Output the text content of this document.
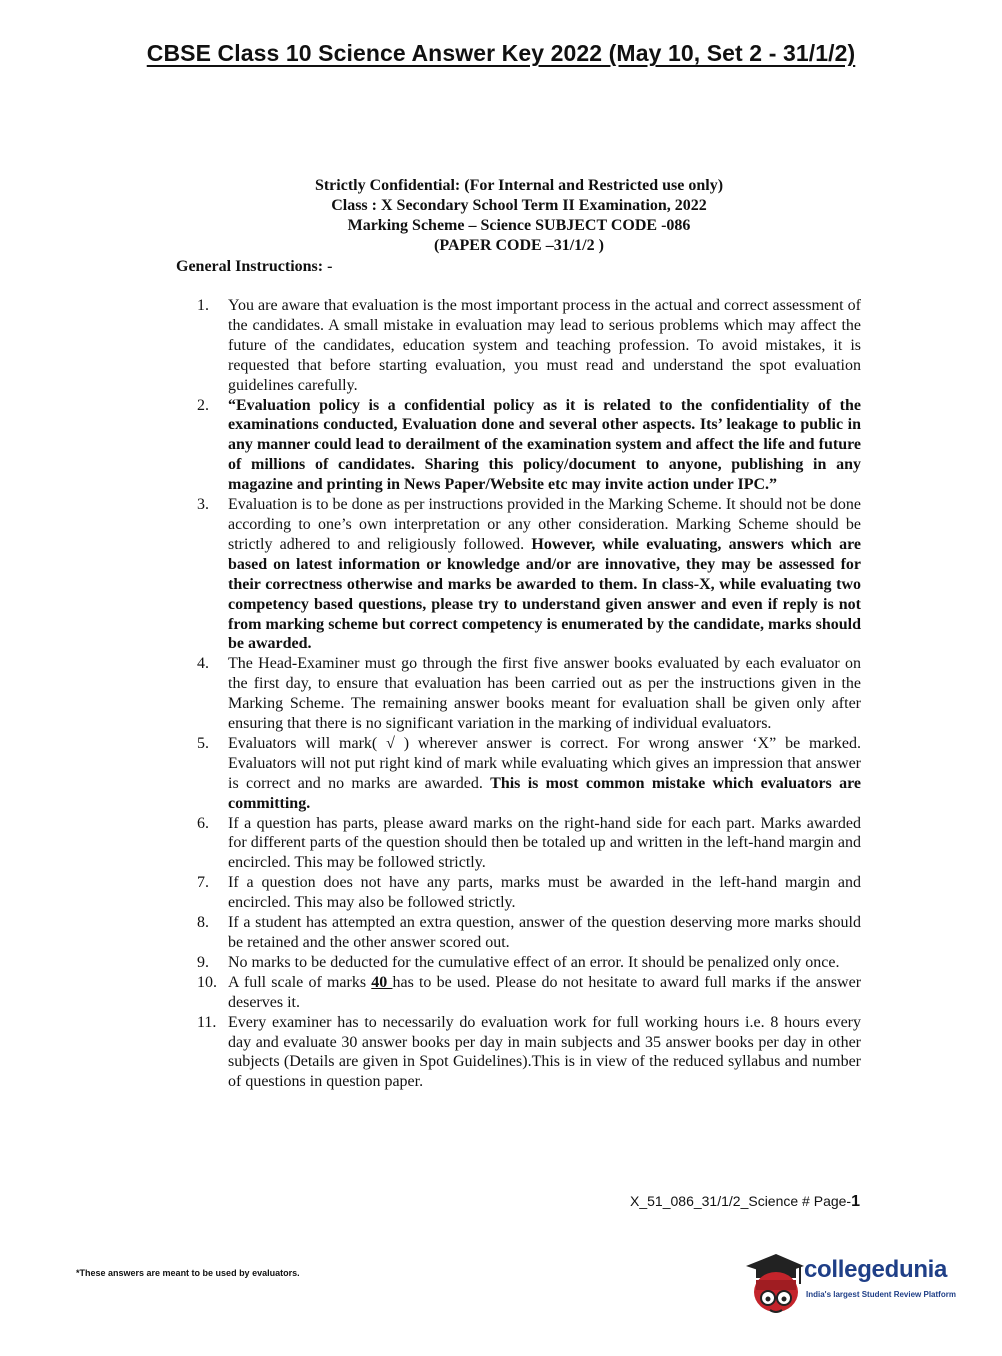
CBSE Class 10 Science Answer Key 2022 (May 10, Set 2 - 31/1/2)
Strictly Confidential: (For Internal and Restricted use only)
Class : X Secondary School Term II Examination, 2022
Marking Scheme – Science SUBJECT CODE -086
(PAPER CODE –31/1/2 )
General Instructions: -
1.	You are aware that evaluation is the most important process in the actual and correct assessment of the candidates. A small mistake in evaluation may lead to serious problems which may affect the future of the candidates, education system and teaching profession. To avoid mistakes, it is requested that before starting evaluation, you must read and understand the spot evaluation guidelines carefully.
2.	“Evaluation policy is a confidential policy as it is related to the confidentiality of the examinations conducted, Evaluation done and several other aspects. Its’ leakage to public in any manner could lead to derailment of the examination system and affect the life and future of millions of candidates. Sharing this policy/document to anyone, publishing in any magazine and printing in News Paper/Website etc may invite action under IPC.”
3.	Evaluation is to be done as per instructions provided in the Marking Scheme. It should not be done according to one’s own interpretation or any other consideration. Marking Scheme should be strictly adhered to and religiously followed. However, while evaluating, answers which are based on latest information or knowledge and/or are innovative, they may be assessed for their correctness otherwise and marks be awarded to them. In class-X, while evaluating two competency based questions, please try to understand given answer and even if reply is not from marking scheme but correct competency is enumerated by the candidate, marks should be awarded.
4.	The Head-Examiner must go through the first five answer books evaluated by each evaluator on the first day, to ensure that evaluation has been carried out as per the instructions given in the Marking Scheme. The remaining answer books meant for evaluation shall be given only after ensuring that there is no significant variation in the marking of individual evaluators.
5.	Evaluators will mark( √ ) wherever answer is correct. For wrong answer ‘X” be marked. Evaluators will not put right kind of mark while evaluating which gives an impression that answer is correct and no marks are awarded. This is most common mistake which evaluators are committing.
6.	If a question has parts, please award marks on the right-hand side for each part. Marks awarded for different parts of the question should then be totaled up and written in the left-hand margin and encircled. This may be followed strictly.
7.	If a question does not have any parts, marks must be awarded in the left-hand margin and encircled. This may also be followed strictly.
8.	If a student has attempted an extra question, answer of the question deserving more marks should be retained and the other answer scored out.
9.	No marks to be deducted for the cumulative effect of an error. It should be penalized only once.
10. A full scale of marks 40 has to be used. Please do not hesitate to award full marks if the answer deserves it.
11. Every examiner has to necessarily do evaluation work for full working hours i.e. 8 hours every day and evaluate 30 answer books per day in main subjects and 35 answer books per day in other subjects (Details are given in Spot Guidelines).This is in view of the reduced syllabus and number of questions in question paper.
X_51_086_31/1/2_Science # Page-1
*These answers are meant to be used by evaluators.	collegedunia
India's largest Student Review Platform
